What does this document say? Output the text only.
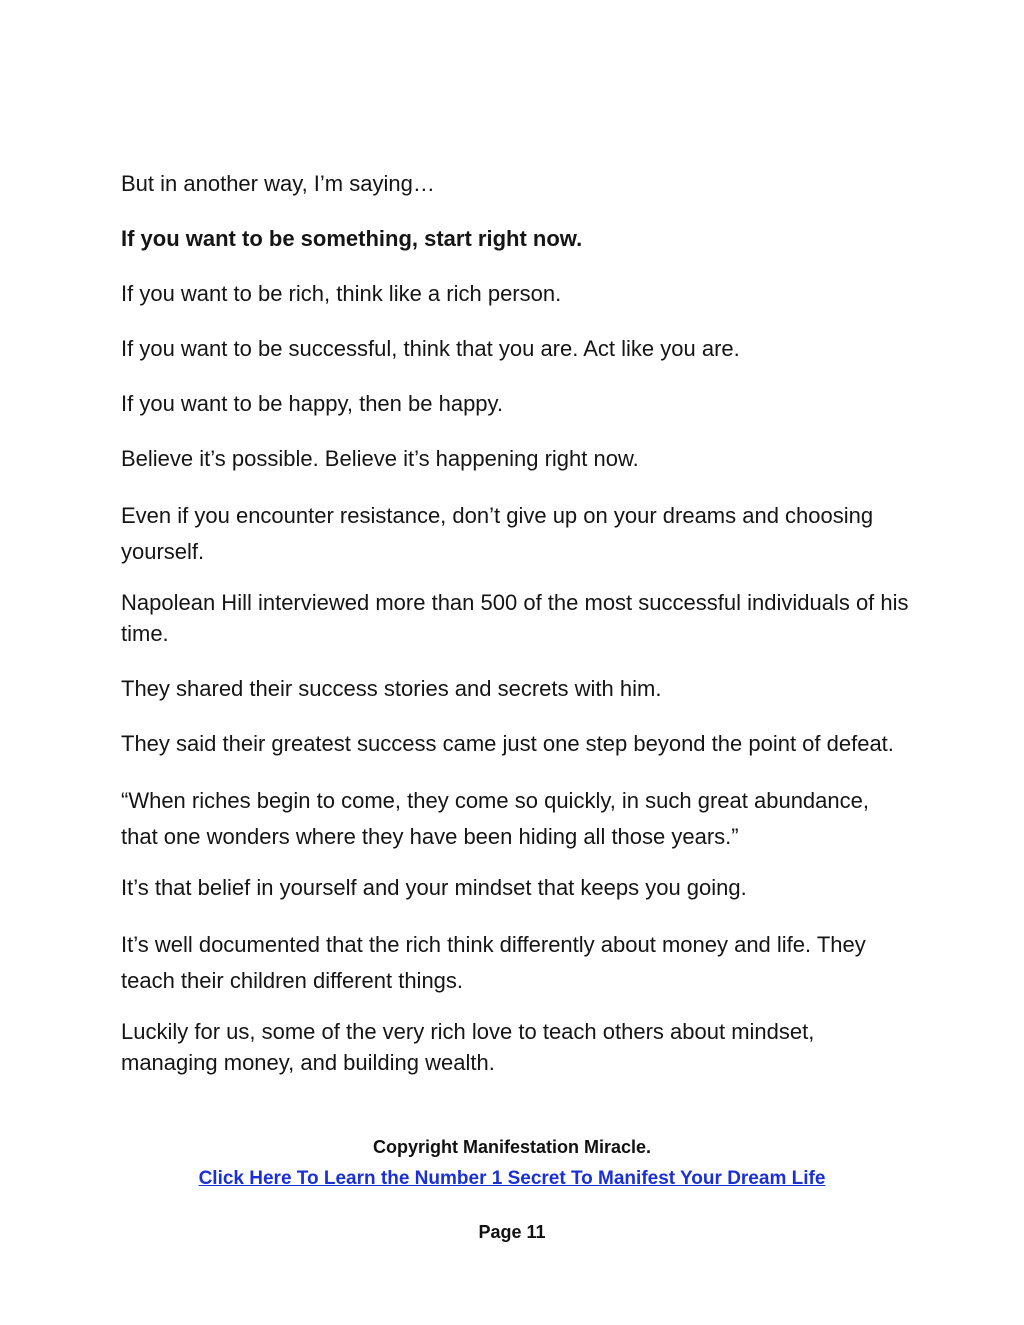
But in another way, I’m saying…

If you want to be something, start right now.

If you want to be rich, think like a rich person.

If you want to be successful, think that you are. Act like you are.

If you want to be happy, then be happy.

Believe it’s possible. Believe it’s happening right now.

Even if you encounter resistance, don’t give up on your dreams and choosing yourself.

Napolean Hill interviewed more than 500 of the most successful individuals of his time.

They shared their success stories and secrets with him.

They said their greatest success came just one step beyond the point of defeat.

“When riches begin to come, they come so quickly, in such great abundance, that one wonders where they have been hiding all those years.”

It’s that belief in yourself and your mindset that keeps you going.

It’s well documented that the rich think differently about money and life. They teach their children different things.

Luckily for us, some of the very rich love to teach others about mindset, managing money, and building wealth.

Copyright Manifestation Miracle.
Click Here To Learn the Number 1 Secret To Manifest Your Dream Life
Page 11
